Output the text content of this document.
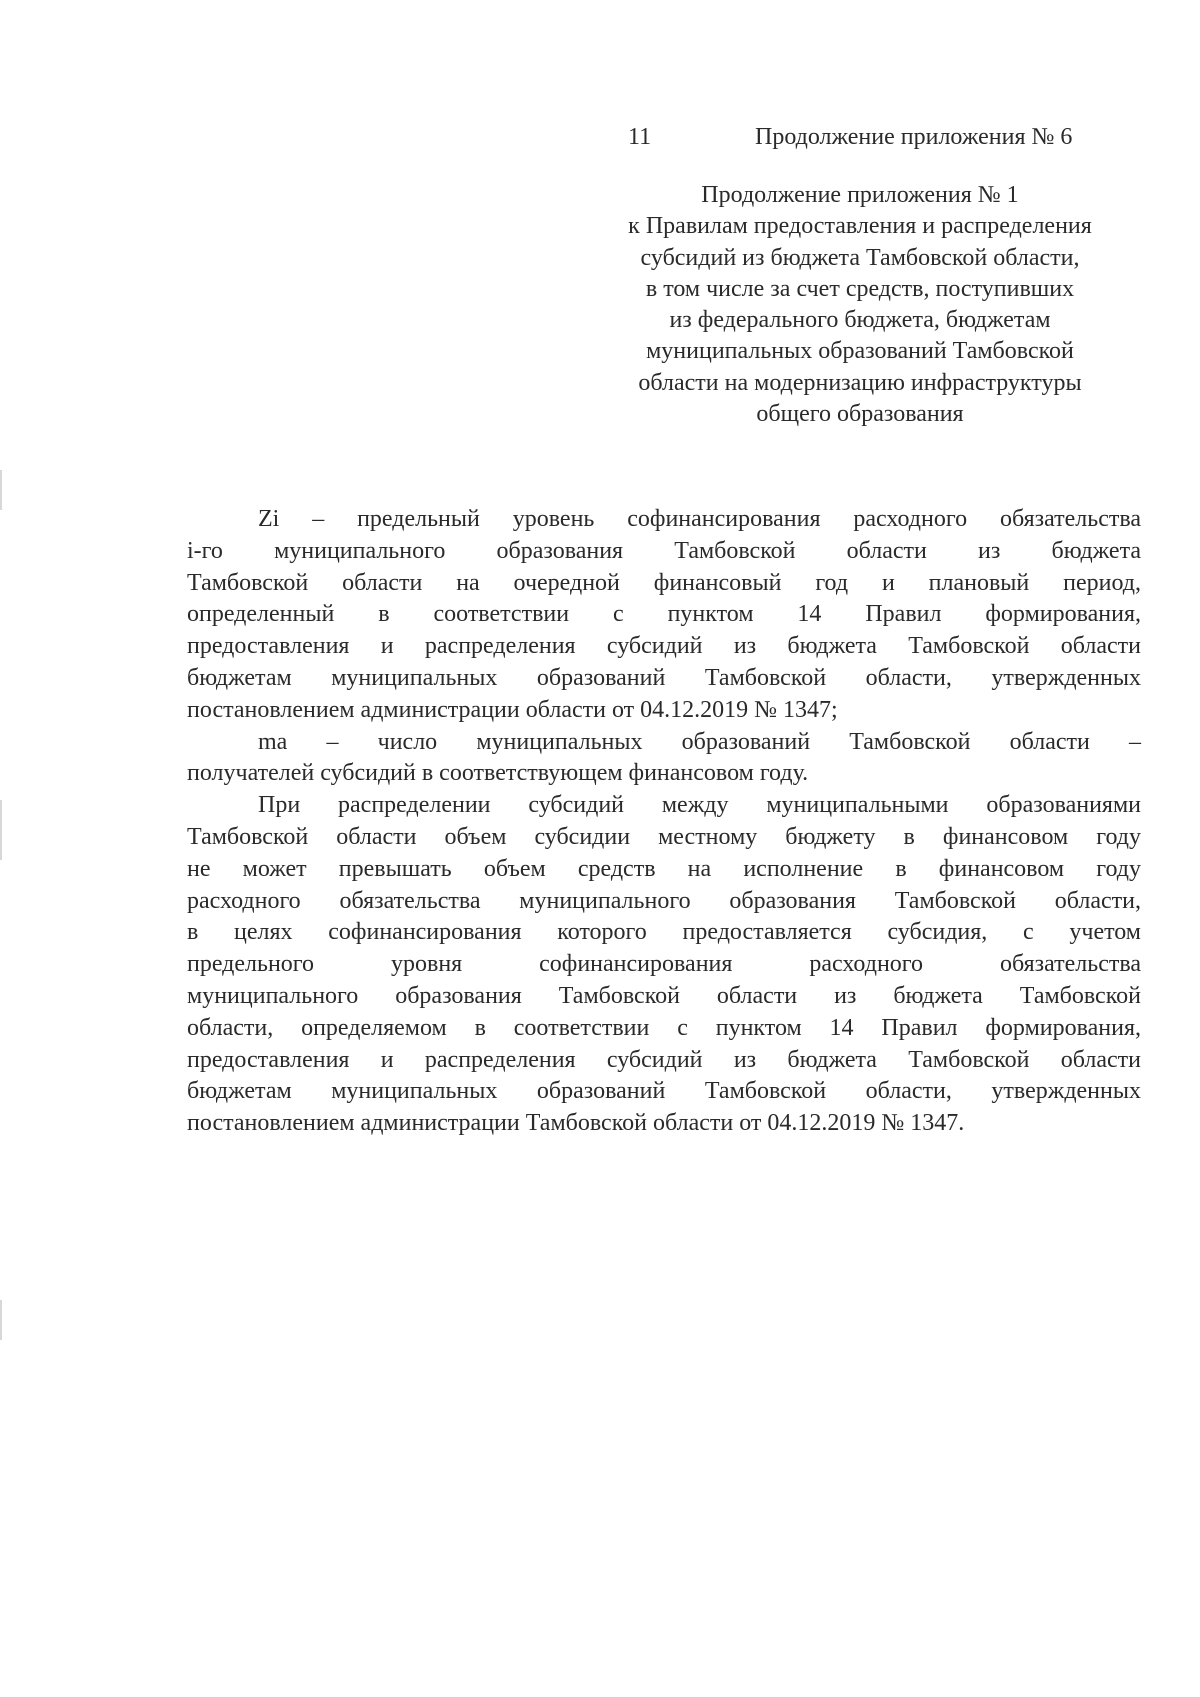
11	Продолжение приложения № 6
Продолжение приложения № 1
к Правилам предоставления и распределения
субсидий из бюджета Тамбовской области,
в том числе за счет средств, поступивших
из федерального бюджета, бюджетам
муниципальных образований Тамбовской
области на модернизацию инфраструктуры
общего образования
Zi – предельный уровень софинансирования расходного обязательства
i-го муниципального образования Тамбовской области из бюджета
Тамбовской области на очередной финансовый год и плановый период,
определенный в соответствии с пунктом 14 Правил формирования,
предоставления и распределения субсидий из бюджета Тамбовской области
бюджетам муниципальных образований Тамбовской области, утвержденных
постановлением администрации области от 04.12.2019 № 1347;
ma – число муниципальных образований Тамбовской области –
получателей субсидий в соответствующем финансовом году.
При распределении субсидий между муниципальными образованиями
Тамбовской области объем субсидии местному бюджету в финансовом году
не может превышать объем средств на исполнение в финансовом году
расходного обязательства муниципального образования Тамбовской области,
в целях софинансирования которого предоставляется субсидия, с учетом
предельного уровня софинансирования расходного обязательства
муниципального образования Тамбовской области из бюджета Тамбовской
области, определяемом в соответствии с пунктом 14 Правил формирования,
предоставления и распределения субсидий из бюджета Тамбовской области
бюджетам муниципальных образований Тамбовской области, утвержденных
постановлением администрации Тамбовской области от 04.12.2019 № 1347.
